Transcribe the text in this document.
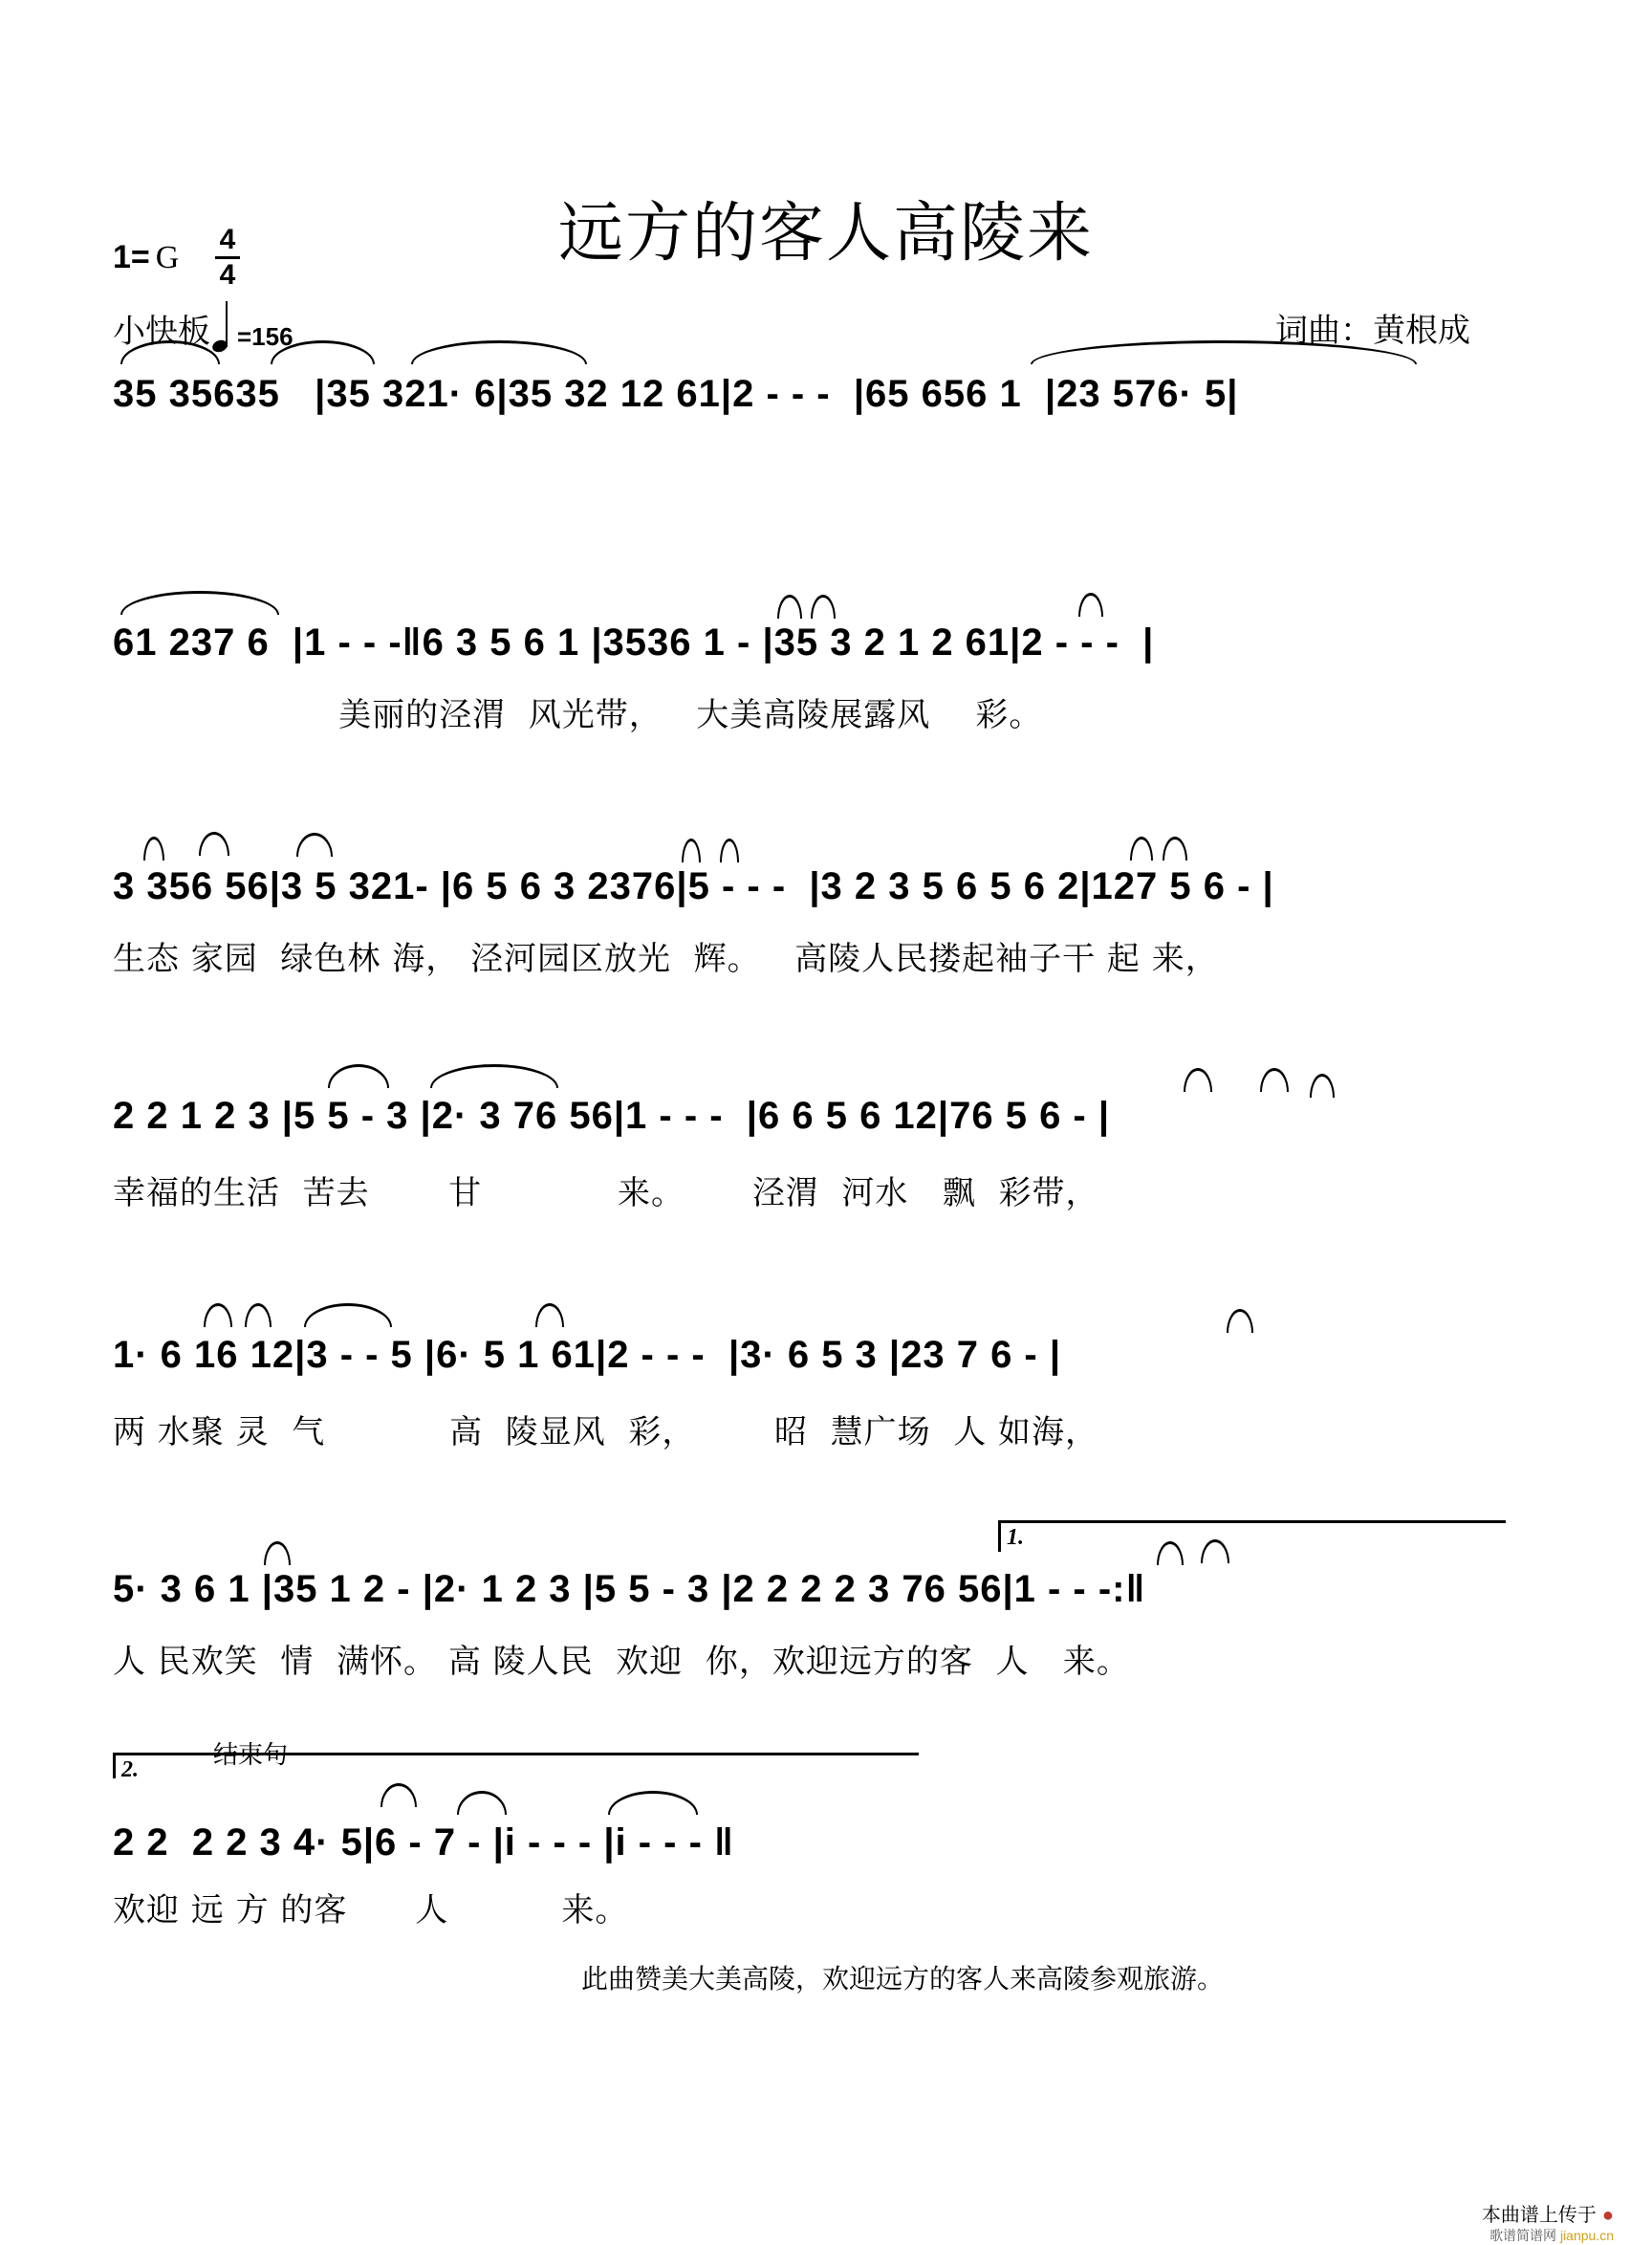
远方的客人高陵来
1= G
4
4
小快板 =156	词曲：黄根成
35 35635   |35 321· 6|35 32 12 61|2 - - -  |65 656 1  |23 576· 5|
61 237 6  |1 - - -‖6 3 5 6 1 |3536 1 - |35 3 2 1 2 61|2 - - -  |
美丽的泾渭  风光带，   大美高陵展露风    彩。
3 356 56|3 5 321- |6 5 6 3 2376|5 - - -  |3 2 3 5 6 5 6 2|127 5 6 - |
生态 家园  绿色林 海， 泾河园区放光  辉。   高陵人民搂起袖子干 起 来，
2 2 1 2 3 |5 5 - 3 |2· 3 76 56|1 - - -  |6 6 5 6 12|76 5 6 - |
幸福的生活  苦去       甘            来。      泾渭  河水   飘  彩带，
1· 6 16 12|3 - - 5 |6· 5 1 61|2 - - -  |3· 6 5 3 |23 7 6 - |
两 水聚 灵  气           高  陵显风  彩，       昭  慧广场  人 如海，
1.
5· 3 6 1 |35 1 2 - |2· 1 2 3 |5 5 - 3 |2 2 2 2 3 76 56|1 - - -:‖
人 民欢笑  情  满怀。 高 陵人民  欢迎  你，欢迎远方的客  人   来。
2.	结束句
2 2  2 2 3 4· 5|6 - 7 - |i - - - |i - - - ‖
欢迎 远 方 的客      人          来。
此曲赞美大美高陵，欢迎远方的客人来高陵参观旅游。
本曲谱上传于 ●
歌谱简谱网 jianpu.cn
